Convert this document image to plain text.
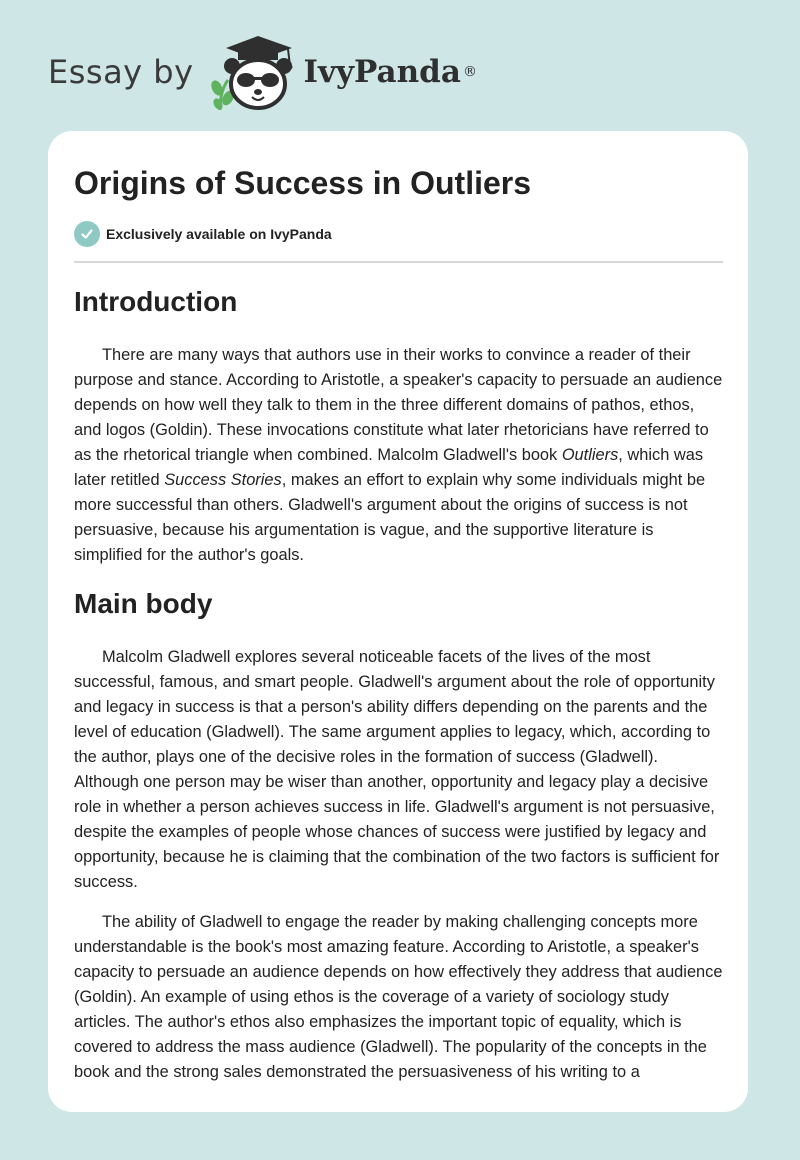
Essay by	IvyPanda ®
Origins of Success in Outliers
Exclusively available on IvyPanda
Introduction

There are many ways that authors use in their works to convince a reader of their purpose and stance. According to Aristotle, a speaker's capacity to persuade an audience depends on how well they talk to them in the three different domains of pathos, ethos, and logos (Goldin). These invocations constitute what later rhetoricians have referred to as the rhetorical triangle when combined. Malcolm Gladwell's book Outliers, which was later retitled Success Stories, makes an effort to explain why some individuals might be more successful than others. Gladwell's argument about the origins of success is not persuasive, because his argumentation is vague, and the supportive literature is simplified for the author's goals.

Main body

Malcolm Gladwell explores several noticeable facets of the lives of the most successful, famous, and smart people. Gladwell's argument about the role of opportunity and legacy in success is that a person's ability differs depending on the parents and the level of education (Gladwell). The same argument applies to legacy, which, according to the author, plays one of the decisive roles in the formation of success (Gladwell). Although one person may be wiser than another, opportunity and legacy play a decisive role in whether a person achieves success in life. Gladwell's argument is not persuasive, despite the examples of people whose chances of success were justified by legacy and opportunity, because he is claiming that the combination of the two factors is sufficient for success.

The ability of Gladwell to engage the reader by making challenging concepts more understandable is the book's most amazing feature. According to Aristotle, a speaker's capacity to persuade an audience depends on how effectively they address that audience (Goldin). An example of using ethos is the coverage of a variety of sociology study articles. The author's ethos also emphasizes the important topic of equality, which is covered to address the mass audience (Gladwell). The popularity of the concepts in the book and the strong sales demonstrated the persuasiveness of his writing to a
